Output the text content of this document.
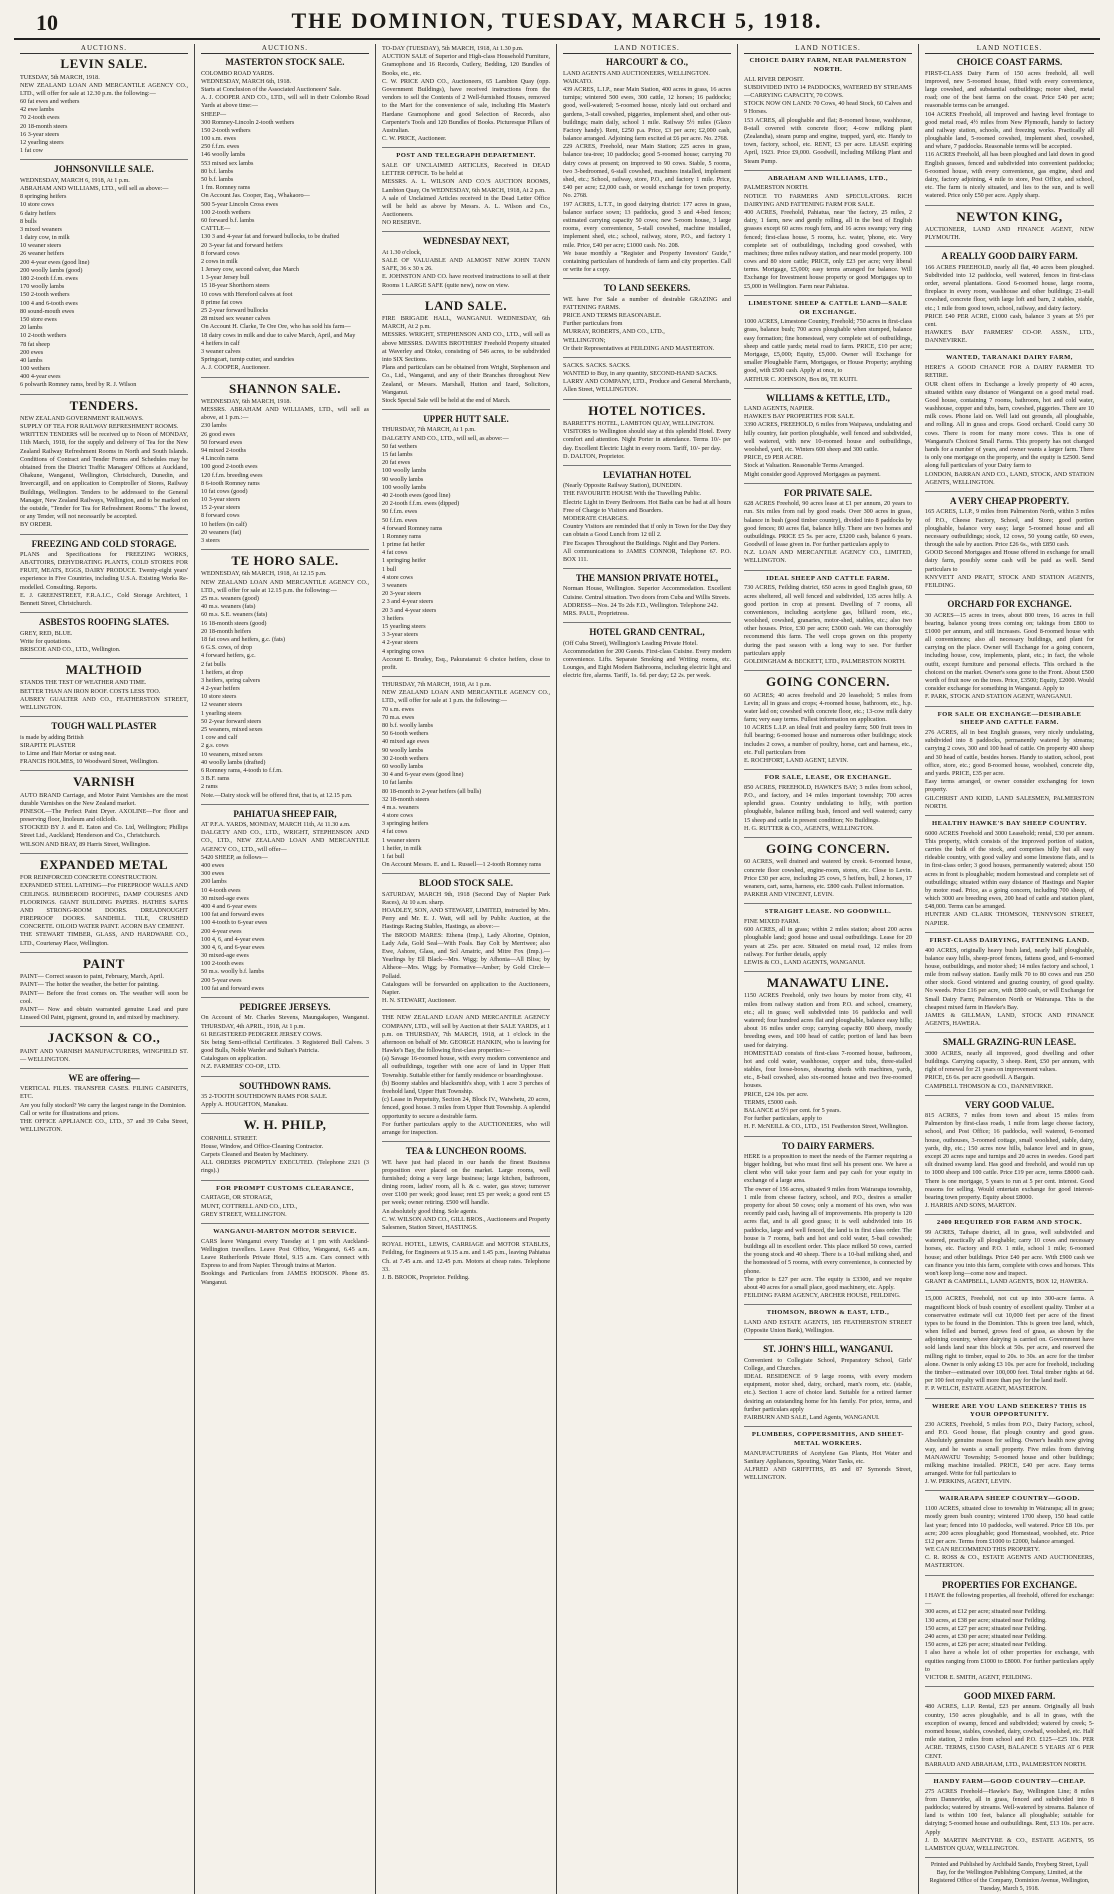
10	THE DOMINION, TUESDAY, MARCH 5, 1918.
AUCTIONS.
LEVIN SALE.
TUESDAY, 5th MARCH, 1918.
NEW ZEALAND LOAN AND MERCANTILE AGENCY CO., LTD., will offer for sale at 12.30 p.m. the following:—
60 fat ewes and wethers
42 ewe lambs
70 2-tooth ewes
20 18-month steers
16 3-year steers
12 yearling steers
1 fat cow
JOHNSONVILLE SALE.
WEDNESDAY, MARCH 6, 1918, At 1 p.m.
ABRAHAM AND WILLIAMS, LTD., will sell as above:—
8 springing heifers
10 store cows
6 dairy heifers
8 bulls
3 mixed weaners
1 dairy cow, in milk
10 weaner steers
26 weaner heifers
200 4-year ewes (good line)
200 woolly lambs (good)
180 2-tooth f.f.m. ewes
170 woolly lambs
150 2-tooth wethers
100 4 and 6-tooth ewes
80 sound-mouth ewes
150 store ewes
20 lambs
10 2-tooth wethers
78 fat sheep
200 ewes
40 lambs
100 wethers
400 4-year ewes
6 polwarth Romney rams, bred by R. J. Wilson
TENDERS.
NEW ZEALAND GOVERNMENT RAILWAYS.
SUPPLY OF TEA FOR RAILWAY REFRESHMENT ROOMS.
WRITTEN TENDERS will be received up to Noon of MONDAY, 11th March, 1918, for the supply and delivery of Tea for the New Zealand Railway Refreshment Rooms in North and South Islands. Conditions of Contract and Tender Forms and Schedules may be obtained from the District Traffic Managers' Offices at Auckland, Ohakune, Wanganui, Wellington, Christchurch, Dunedin, and Invercargill, and on application to Comptroller of Stores, Railway Buildings, Wellington. Tenders to be addressed to the General Manager, New Zealand Railways, Wellington, and to be marked on the outside, "Tender for Tea for Refreshment Rooms." The lowest, or any Tender, will not necessarily be accepted.
BY ORDER.
FREEZING AND COLD STORAGE.
PLANS and Specifications for FREEZING WORKS, ABATTOIRS, DEHYDRATING PLANTS, COLD STORES FOR FRUIT, MEATS, EGGS, DAIRY PRODUCE. Twenty-eight years' experience in Five Countries, including U.S.A. Existing Works Re-modelled. Consulting. Reports.
E. J. GREENSTREET, F.R.A.I.C., Cold Storage Architect, 1 Bennett Street, Christchurch.
ASBESTOS ROOFING SLATES.
GREY, RED, BLUE.
Write for quotations.
BRISCOE AND CO., LTD., Wellington.
MALTHOID
STANDS THE TEST OF WEATHER AND TIME.
BETTER THAN AN IRON ROOF. COSTS LESS TOO.
AUBREY GUALTER AND CO., FEATHERSTON STREET, WELLINGTON.
TOUGH WALL PLASTER
is made by adding British
SIRAPITE PLASTER
to Lime and Hair Mortar or using neat.
FRANCIS HOLMES, 10 Woodward Street, Wellington.
VARNISH
AUTO BRAND Carriage, and Motor Paint Varnishes are the most durable Varnishes on the New Zealand market.
PINESOL—The Perfect Paint Dryer. AXOLINE—For floor and preserving floor, linoleum and oilcloth.
STOCKED BY J. and E. Eaton and Co. Ltd, Wellington; Phillips Street Ltd., Auckland; Henderson and Co., Christchurch.
WILSON AND BRAY, 89 Harris Street, Wellington.
EXPANDED METAL
FOR REINFORCED CONCRETE CONSTRUCTION.
EXPANDED STEEL LATHING—For FIREPROOF WALLS AND CEILINGS. RUBBEROID ROOFING, DAMP COURSES AND FLOORINGS. GIANT BUILDING PAPERS. HATHES SAFES AND STRONG-ROOM DOORS. DREADNOUGHT FIREPROOF DOORS. SANDHILL TILE, CRUSHED CONCRETE. OILOID WATER PAINT. ACORN BAY CEMENT.
THE STEWART TIMBER, GLASS, AND HARDWARE CO., LTD., Courtenay Place, Wellington.
PAINT
PAINT— Correct season to paint, February, March, April.
PAINT— The hotter the weather, the better for painting.
PAINT— Before the frost comes on. The weather will soon be cool.
PAINT— Now and obtain warranted genuine Lead and pure Linseed Oil Paint, pigment, ground in, and mixed by machinery.
JACKSON & CO.,
PAINT AND VARNISH MANUFACTURERS, WINGFIELD ST. — WELLINGTON.
WE are offering—
VERTICAL FILES. TRANSFER CASES. FILING CABINETS, ETC.
Are you fully stocked? We carry the largest range in the Dominion.
Call or write for illustrations and prices.
THE OFFICE APPLIANCE CO., LTD., 37 and 39 Cuba Street, WELLINGTON.
AUCTIONS.
MASTERTON STOCK SALE.
COLOMBO ROAD YARDS.
WEDNESDAY, MARCH 6th, 1918.
Starts at Conclusion of the Associated Auctioneers' Sale.
A. J. COOPER AND CO., LTD., will sell in their Colombo Road Yards at above time:—
SHEEP—
300 Romney-Lincoln 2-tooth wethers
150 2-tooth wethers
100 s.m. ewes
250 f.f.m. ewes
146 woolly lambs
553 mixed sex lambs
80 b.f. lambs
50 b.f. lambs
1 fm. Romney rams
On Account Jas. Cooper, Esq., Whakaoro—
500 5-year Lincoln Cross ewes
100 2-tooth wethers
60 forward b.f. lambs
CATTLE—
130 3 and 4-year fat and forward bullocks, to be drafted
20 3-year fat and forward heifers
8 forward cows
2 cows in milk
1 Jersey cow, second calver, due March
1 3-year Jersey bull
15 18-year Shorthorn steers
10 cows with Hereford calves at foot
8 prime fat cows
25 2-year forward bullocks
28 mixed sex weaner calves
On Account H. Clarke, Te Ore Ore, who has sold his farm—
18 dairy cows in milk and due to calve March, April, and May
4 heifers in calf
3 weaner calves
Springcart, turnip cutter, and sundries
A. J. COOPER, Auctioneer.
SHANNON SALE.
WEDNESDAY, 6th MARCH, 1918.
MESSRS. ABRAHAM AND WILLIAMS, LTD., will sell as above, at 1 p.m.:—
230 lambs
26 good ewes
50 forward ewes
94 mixed 2-tooths
4 Lincoln rams
100 good 2-tooth ewes
120 f.f.m. breeding ewes
8 6-tooth Romney rams
10 fat cows (good)
10 3-year steers
15 2-year steers
8 forward cows
10 heifers (in calf)
20 weaners (fat)
3 steers
TE HORO SALE.
WEDNESDAY, 6th MARCH, 1918, At 12.15 p.m.
NEW ZEALAND LOAN AND MERCANTILE AGENCY CO., LTD., will offer for sale at 12.15 p.m. the following:—
25 m.s. weaners (good)
40 m.s. weaners (fats)
60 m.s. S.E. weaners (fats)
16 18-month steers (good)
20 18-month heifers
18 fat cows and heifers, g.c. (fats)
6 G.S. cows, of drop
4 forward heifers, g.c.
2 fat bulls
1 heifers, at drop
3 heifers, spring calvers
4 2-year heifers
10 store steers
12 weaner steers
1 yearling steers
50 2-year forward steers
25 weaners, mixed sexes
1 cow and calf
2 g.s. cows
10 weaners, mixed sexes
40 woolly lambs (drafted)
6 Romney rams, 4-tooth to f.f.m.
3 B.F. rams
2 rams
Note.—Dairy stock will be offered first, that is, at 12.15 p.m.
PAHIATUA SHEEP FAIR,
AT P.F.A. YARDS, MONDAY, MARCH 11th, At 11.30 a.m.
DALGETY AND CO., LTD., WRIGHT, STEPHENSON AND CO., LTD., NEW ZEALAND LOAN AND MERCANTILE AGENCY CO., LTD., will offer—
5420 SHEEP, as follows—
400 ewes
300 ewes
200 lambs
10 4-tooth ewes
30 mixed-age ewes
400 4 and 6-year ewes
100 fat and forward ewes
100 4-tooth to 6-year ewes
200 4-year ewes
100 4, 6, and 4-year ewes
300 4, 6, and 6-year ewes
30 mixed-age ewes
100 2-tooth ewes
50 m.s. woolly b.f. lambs
200 5-year ewes
100 fat and forward ewes
PEDIGREE JERSEYS.
On Account of Mr. Charles Stevens, Maungakapeo, Wanganui. THURSDAY, 4th APRIL, 1918, At 1 p.m.
61 REGISTERED PEDIGREE JERSEY COWS.
Six being Semi-official Certificates. 3 Registered Bull Calves. 3 good Bulls, Noble Warder and Sultan's Patricia.
Catalogues on application.
N.Z. FARMERS' CO-OP., LTD.
SOUTHDOWN RAMS.
35 2-TOOTH SOUTHDOWN RAMS FOR SALE.
Apply A. HOUGHTON, Manakau.
W. H. PHILP,
CORNHILL STREET.
House, Window, and Office-Cleaning Contractor.
Carpets Cleaned and Beaten by Machinery.
ALL ORDERS PROMPTLY EXECUTED. (Telephone 2321 (3 rings).)
FOR PROMPT CUSTOMS CLEARANCE,
CARTAGE, OR STORAGE,
MUNT, COTTRELL AND CO., LTD.,
GREY STREET, WELLINGTON.
WANGANUI-MARTON MOTOR SERVICE.
CARS leave Wanganui every Tuesday at 1 pm with Auckland-Wellington travellers. Leave Post Office, Wanganui, 6.45 a.m. Leave Rutherfords Private Hotel, 9.15 a.m. Cars connect with Express to and from Napier. Through trains at Marton.
Bookings and Particulars from JAMES HODSON. Phone 85. Wanganui.
TO-DAY (TUESDAY), 5th MARCH, 1918, At 1.30 p.m.
AUCTION SALE of Superior and High-class Household Furniture, Gramophone and 16 Records, Cutlery, Bedding, 120 Bundles of Books, etc., etc.
C. W. PRICE AND CO., Auctioneers, 65 Lambton Quay (opp. Government Buildings), have received instructions from the vendors to sell the Contents of 2 Well-furnished Houses, removed to the Mart for the convenience of sale, including His Master's Hardane Gramophone and good Selection of Records, also Carpenter's Tools and 120 Bundles of Books. Picturesque Pillars of Australian.
C. W. PRICE, Auctioneer.
POST AND TELEGRAPH DEPARTMENT.
SALE OF UNCLAIMED ARTICLES, Received in DEAD LETTER OFFICE. To be held at
MESSRS. A. L. WILSON AND CO.'S AUCTION ROOMS, Lambton Quay, On WEDNESDAY, 6th MARCH, 1918, At 2 p.m.
A sale of Unclaimed Articles received in the Dead Letter Office will be held as above by Messrs. A. L. Wilson and Co., Auctioneers.
NO RESERVE.
WEDNESDAY NEXT,
At 1.30 o'clock,
SALE OF VALUABLE AND ALMOST NEW JOHN TANN SAFE, 36 x 30 x 26.
E. JOHNSTON AND CO. have received instructions to sell at their Rooms 1 LARGE SAFE (quite new), now on view.
LAND SALE.
FIRE BRIGADE HALL, WANGANUI. WEDNESDAY, 6th MARCH, At 2 p.m.
MESSRS. WRIGHT, STEPHENSON AND CO., LTD., will sell as above MESSRS. DAVIES BROTHERS' Freehold Property situated at Waverley and Otoko, consisting of 546 acres, to be subdivided into SIX Sections.
Plans and particulars can be obtained from Wright, Stephenson and Co., Ltd., Wanganui, and any of their Branches throughout New Zealand, or Messrs. Marshall, Hutton and Izard, Solicitors, Wanganui.
Stock Special Sale will be held at the end of March.
UPPER HUTT SALE.
THURSDAY, 7th MARCH, At 1 p.m.
DALGETY AND CO., LTD., will sell, as above:—
50 fat wethers
15 fat lambs
20 fat ewes
100 woolly lambs
90 woolly lambs
100 woolly lambs
40 2-tooth ewes (good line)
20 2-tooth f.f.m. ewes (dipped)
90 f.f.m. ewes
50 f.f.m. ewes
4 forward Romney rams
1 Romney rams
1 prime fat heifer
4 fat cows
1 springing heifer
1 bull
4 store cows
3 weaners
20 3-year steers
2 3 and 4-year steers
20 3 and 4-year steers
3 heifers
15 yearling steers
3 3-year steers
4 2-year steers
4 springing cows
Account E. Brudey, Esq., Pakuratanui: 6 choice heifers, close to profit.
THURSDAY, 7th MARCH, 1918, At 1 p.m.
NEW ZEALAND LOAN AND MERCANTILE AGENCY CO., LTD., will offer for sale at 1 p.m. the following:—
70 s.m. ewes
70 m.a. ewes
80 b.f. woolly lambs
50 6-tooth wethers
40 mixed age ewes
90 woolly lambs
30 2-tooth wethers
60 woolly lambs
30 4 and 6-year ewes (good line)
10 fat lambs
80 18-month to 2-year heifers (all bulls)
32 18-month steers
4 m.s. weaners
4 store cows
3 springing heifers
4 fat cows
1 weaner steers
1 heifer, in milk
1 fat bull
On Account Messrs. E. and L. Russell—1 2-tooth Romney rams
BLOOD STOCK SALE.
SATURDAY, MARCH 9th, 1918 (Second Day of Napier Park Races), At 10 a.m. sharp.
HOADLEY, SON, AND STEWART, LIMITED, instructed by Mrs. Perry and Mr. E. J. Watt, will sell by Public Auction, at the Hastings Racing Stables, Hastings, as above:—
The BROOD MARES: Ethena (Imp.), Lady Altorine, Opinion, Lady Ada, Gold Seal—With Foals. Bay Colt by Merriwee; also Ewe, Ashore, Glass, and Sol Amatric, and Mitre Fox (Imp.).—Yearlings by Ell Black—Mrs. Wigg; by Afhonia—All Bliss; by Altheoe—Mrs. Wigg; by Formative—Amber; by Gold Circle—Pollaid.
Catalogues will be forwarded on application to the Auctioneers, Napier.
H. N. STEWART, Auctioneer.
THE NEW ZEALAND LOAN AND MERCANTILE AGENCY COMPANY, LTD., will sell by Auction at their SALE YARDS, at 1 p.m. on THURSDAY, 7th MARCH, 1918, at 1 o'clock in the afternoon on behalf of Mr. GEORGE HANKIN, who is leaving for Hawke's Bay, the following first-class properties:—
(a) Savage 16-roomed house, with every modern convenience and all outbuildings, together with one acre of land in Upper Hutt Township. Suitable either for family residence or boardinghouse.
(b) Boomy stables and blacksmith's shop, with 1 acre 3 perches of freehold land, Upper Hutt Township.
(c) Lease in Perpetuity, Section 24, Block IV., Waiwhetu, 20 acres, fenced, good house. 3 miles from Upper Hutt Township. A splendid opportunity to secure a desirable farm.
For further particulars apply to the AUCTIONEERS, who will arrange for inspection.
TEA & LUNCHEON ROOMS.
WE have just had placed in our hands the finest Business proposition ever placed on the market. Large rooms, well furnished; doing a very large business; large kitchen, bathroom, dining room, ladies' room, all h. & c. water, gas stove; turnover over £100 per week; good lease; rent £5 per week; a good rent £5 per week; owner retiring. £500 will handle.
An absolutely good thing. Sole agents.
C. W. WILSON AND CO., GILL BROS., Auctioneers and Property Salesmen, Station Street, HASTINGS.
ROYAL HOTEL, LEWIS, CARRIAGE and MOTOR STABLES, Feilding, for Engineers at 9.15 a.m. and 1.45 p.m., leaving Pahiatua Ch. at 7.45 a.m. and 12.45 p.m. Motors at cheap rates. Telephone 33.
J. B. BROOK, Proprietor. Feilding.
LAND NOTICES.
HARCOURT & CO.,
LAND AGENTS AND AUCTIONEERS, WELLINGTON.
WAIKATO.
439 ACRES, L.I.P., near Main Station, 400 acres in grass, 16 acres turnips; wintered 500 ewes, 300 cattle, 12 horses; 16 paddocks; good, well-watered; 5-roomed house, nicely laid out orchard and gardens, 3-stall cowshed, piggeries, implement shed, and other out-buildings; main daily, school 1 mile. Railway 5½ miles (Glaxo Factory handy). Rent, £250 p.a. Price, £3 per acre; £2,000 cash, balance arranged. Adjoining farm excited at £6 per acre. No. 2768.
229 ACRES, Freehold, near Main Station; 225 acres in grass, balance tea-tree; 10 paddocks; good 5-roomed house; carrying 70 dairy cows at present; on improved to 90 cows. Stable, 5 rooms, two 3-bedroomed, 6-stall cowshed, machines installed, implement shed, etc.; School, railway, store, P.O., and factory 1 mile. Price, £40 per acre; £2,000 cash, or would exchange for town property. No. 2768.
197 ACRES, L.T.T., in good dairying district: 177 acres in grass, balance surface sown; 13 paddocks, good 3 and 4-bed fences; estimated carrying capacity 50 cows; new 5-room house, 3 large rooms, every convenience, 5-stall cowshed, machine installed, implement shed, etc.; school, railway, store, P.O., and factory 1 mile. Price, £40 per acre; £1000 cash. No. 208.
We issue monthly a "Register and Property Investors' Guide," containing particulars of hundreds of farm and city properties. Call or write for a copy.
TO LAND SEEKERS.
WE have For Sale a number of desirable GRAZING and FATTENING FARMS.
PRICE AND TERMS REASONABLE.
Further particulars from
MURRAY, ROBERTS, AND CO., LTD.,
WELLINGTON;
Or their Representatives at FEILDING AND MASTERTON.
SACKS. SACKS. SACKS.
WANTED to Buy, in any quantity, SECOND-HAND SACKS.
LARRY AND COMPANY, LTD., Produce and General Merchants, Allen Street, WELLINGTON.
HOTEL NOTICES.
BARRETT'S HOTEL, LAMBTON QUAY, WELLINGTON.
VISITORS to Wellington should stay at this splendid Hotel. Every comfort and attention. Night Porter in attendance. Terms 10/- per day. Excellent Electric Light in every room. Tariff, 10/- per day.
D. DALTON, Proprietor.
LEVIATHAN HOTEL
(Nearly Opposite Railway Station), DUNEDIN.
THE FAVOURITE HOUSE With the Travelling Public.
Electric Light in Every Bedroom. Hot Baths can be had at all hours Free of Charge to Visitors and Boarders.
MODERATE CHARGES.
Country Visitors are reminded that if only in Town for the Day they can obtain a Good Lunch from 12 till 2.
Fire Escapes Throughout the Buildings. Night and Day Porters.
All communications to JAMES CONNOR, Telephone 67. P.O. BOX 111.
THE MANSION PRIVATE HOTEL,
Norman House, Wellington. Superior Accommodation. Excellent Cuisine. Central situation. Two doors from Cuba and Willis Streets.
ADDRESS—Nos. 24 To 2ds F.D., Wellington. Telephone 242.
MRS. PAUL, Proprietress.
HOTEL GRAND CENTRAL,
(Off Cuba Street), Wellington's Leading Private Hotel.
Accommodation for 200 Guests. First-class Cuisine. Every modern convenience. Lifts. Separate Smoking and Writing rooms, etc. Lounges, and Eight Modern Bathrooms, including electric light and electric fire, alarms. Tariff, 1s. 6d. per day; £2 2s. per week.
LAND NOTICES.
CHOICE DAIRY FARM, NEAR PALMERSTON NORTH.
ALL RIVER DEPOSIT.
SUBDIVIDED INTO 14 PADDOCKS, WATERED BY STREAMS—CARRYING CAPACITY, 70 COWS.
STOCK NOW ON LAND: 70 Cows, 40 head Stock, 60 Calves and 9 Horses.
153 ACRES, all ploughable and flat; 8-roomed house, washhouse, 8-stall covered with concrete floor; 4-cow milking plant (Zealandia), steam pump and engine, trapped, yard, etc. Handy to town, factory, school, etc. RENT, £3 per acre. LEASE expiring April, 1923. Price £9,000. Goodwill, including Milking Plant and Steam Pump.
ABRAHAM AND WILLIAMS, LTD.,
PALMERSTON NORTH.
NOTICE TO FARMERS AND SPECULATORS. RICH DAIRYING AND FATTENING FARM FOR SALE.
400 ACRES, Freehold, Pahiatua, near 'the factory, 25 miles, 2 dairy, 1 farm, new and gently rolling, all in the best of English grasses except 60 acres rough fern, and 16 acres swamp; very ring fenced; first-class house, 5 rooms, h.c. water, 'phone, etc. Very complete set of outbuildings, including good cowshed, with machines; three miles railway station, and near model property. 100 cows and 80 store cattle; PRICE, only £23 per acre; very liberal terms. Mortgage, £5,000; easy terms arranged for balance. Will Exchange for Investment house property or good Mortgages up to £5,000 in Wellington. Farm near Pahiatua.
LIMESTONE SHEEP & CATTLE LAND—SALE OR EXCHANGE.
1000 ACRES, Limestone Country, Freehold; 750 acres in first-class grass, balance bush; 700 acres ploughable when stumped, balance easy formation; fine homestead, very complete set of outbuildings, sheep and cattle yards; metal road to farm. PRICE, £10 per acre; Mortgage, £5,000; Equity, £5,000. Owner will Exchange for smaller Ploughable Farm, Mortgages, or House Property; anything good, with £500 cash. Apply at once, to
ARTHUR C. JOHNSON, Box 86, TE KUITI.
WILLIAMS & KETTLE, LTD.,
LAND AGENTS, NAPIER.
HAWKE'S BAY PROPERTIES FOR SALE.
3390 ACRES, FREEHOLD, 6 miles from Waipawa, undulating and hilly country, fair portion ploughable, well fenced and subdivided, well watered, with new 10-roomed house and outbuildings, woolshed, yard, etc. Winters 600 sheep and 300 cattle.
PRICE, £9 PER ACRE.
Stock at Valuation. Reasonable Terms Arranged.
Might consider good Approved Mortgages as payment.
FOR PRIVATE SALE.
628 ACRES Freehold, 90 acres lease at £1 per annum, 20 years to run. Six miles from rail by good roads. Over 300 acres in grass, balance in bush (good timber country), divided into 8 paddocks by good fences; 80 acres flat, balance hilly. There are two homes and outbuildings. PRICE £5 5s. per acre, £3200 cash, balance 6 years. Goodwill of lease given in. For further particulars apply to
N.Z. LOAN AND MERCANTILE AGENCY CO., LIMITED, WELLINGTON.
IDEAL SHEEP AND CATTLE FARM.
730 ACRES, Feilding district, 650 acres in good English grass, 60 acres sheltered, all well fenced and subdivided, 135 acres hilly. A good portion in crop at present. Dwelling of 7 rooms, all conveniences, including acetylene gas, billiard room, etc., woolshed, cowshed, granaries, motor-shed, stables, etc.; also two other houses. Price, £30 per acre; £3000 cash. We can thoroughly recommend this farm. The well crops grown on this property during the past season with a long way to see. For further particulars apply
GOLDINGHAM & BECKETT, LTD., PALMERSTON NORTH.
GOING CONCERN.
60 ACRES; 40 acres freehold and 20 leasehold; 5 miles from Levin; all in grass and crops; 4-roomed house, bathroom, etc., h.p. water laid on; cowshed with concrete floor, etc.; 13-cow milk dairy farm; very easy terms. Fullest information on application.
10 ACRES L.I.P. an ideal fruit and poultry farm; 500 fruit trees in full bearing; 6-roomed house and numerous other buildings; stock includes 2 cows, a number of poultry, horse, cart and harness, etc., etc. Full particulars from
E. ROCHFORT, LAND AGENT, LEVIN.
FOR SALE, LEASE, OR EXCHANGE.
850 ACRES, FREEHOLD, HAWKE'S BAY; 3 miles from school, P.O., and factory, and 14 miles important township; 700 acres splendid grass. Country undulating to hilly, with portion ploughable, balance milling bush, fenced and well watered; carry 15 sheep and cattle in present condition; No Buildings.
H. G. RUTTER & CO., AGENTS, WELLINGTON.
GOING CONCERN.
60 ACRES, well drained and watered by creek. 6-roomed house, concrete floor cowshed, engine-room, stores, etc. Close to Levin. Price £30 per acre, including 25 cows, 5 heifers, bull, 2 horses, 17 weaners, cart, sams, harness, etc. £800 cash. Fullest information.
PARKER AND VINCENT, LEVIN.
STRAIGHT LEASE. NO GOODWILL.
FINE MIXED FARM.
600 ACRES, all in grass; within 2 miles station; about 200 acres ploughable land; good house and usual outbuildings. Lease for 20 years at 25s. per acre. Situated on metal road, 12 miles from railway. For further details, apply
LEWIS & CO., LAND AGENTS, WANGANUI.
MANAWATU LINE.
1150 ACRES Freehold, only two hours by motor from city, 41 miles from railway station and from P.O. and school, creamery, etc.; all in grass; well subdivided into 16 paddocks and well watered; four hundred acres flat and ploughable, balance easy hills; about 16 miles under crop; carrying capacity 800 sheep, mostly breeding ewes, and 100 head of cattle; portion of land has been used for dairying.
HOMESTEAD consists of first-class 7-roomed house, bathroom, hot and cold water, washhouse, copper and tubs, three-stalled stables, four loose-boxes, shearing sheds with machines, yards, etc., 8-bail cowshed, also six-roomed house and two five-roomed houses.
PRICE, £24 10s. per acre.
TERMS, £5000 cash.
BALANCE at 5½ per cent. for 5 years.
For further particulars, apply to
H. F. McNEILL & CO., LTD., 151 Featherston Street, Wellington.
TO DAIRY FARMERS.
HERE is a proposition to meet the needs of the Farmer requiring a bigger holding, but who must first sell his present one. We have a client who will take your farm and pay cash for your equity in exchange of a large area.
The owner of 156 acres, situated 9 miles from Wairarapa township, 1 mile from cheese factory, school, and P.O., desires a smaller property for about 50 cows; only a moment of his own, who was recently paid cash, having all of improvements. His property is 120 acres flat, and is all good grass; it is well subdivided into 16 paddocks, large and well fenced, the land is in first class order. The house is 7 rooms, bath and hot and cold water, 5-bail cowshed; buildings all in excellent order. This place milked 50 cows, carried the young stock and 40 sheep. There is a 10-bail milking shed, and the homestead of 5 rooms, with every convenience, is connected by phone.
The price is £27 per acre. The equity is £3300, and we require about 40 acres for a small place, good machinery, etc. Apply.
FEILDING FARM AGENCY, ARCHER HOUSE, FEILDING.
THOMSON, BROWN & EAST, LTD.,
LAND AND ESTATE AGENTS, 185 FEATHERSTON STREET (Opposite Union Bank), Wellington.
ST. JOHN'S HILL, WANGANUI.
Convenient to Collegiate School, Preparatory School, Girls' College, and Churches.
IDEAL RESIDENCE of 9 large rooms, with every modern equipment, motor shed, dairy, orchard, man's room, etc. (stable, etc.). Section 1 acre of choice land. Suitable for a retired farmer desiring an outstanding home for his family. For price, terms, and further particulars apply
FAIRBURN AND SALE, Land Agents, WANGANUI.
PLUMBERS, COPPERSMITHS, AND SHEET-METAL WORKERS.
MANUFACTURERS of Acetylene Gas Plants, Hot Water and Sanitary Appliances, Spouting, Water Tanks, etc.
ALFRED AND GRIFFITHS, 85 and 87 Symonds Street, WELLINGTON.
LAND NOTICES.
CHOICE COAST FARMS.
FIRST-CLASS Dairy Farm of 150 acres freehold, all well improved, new 5-roomed house, fitted with every convenience, large cowshed, and substantial outbuildings; motor shed, metal road; one of the best farms on the coast. Price £40 per acre; reasonable terms can be arranged.
104 ACRES Freehold, all improved and having level frontage to good metal road, 4½ miles from New Plymouth, handy to factory and railway station, schools, and freezing works. Practically all ploughable land, 5-roomed cowshed, implement shed, cowshed, and whare, 7 paddocks. Reasonable terms will be accepted.
116 ACRES Freehold, all has been ploughed and laid down in good English grasses, fenced and subdivided into convenient paddocks; 6-roomed house, with every convenience, gas engine, shed and dairy, factory adjoining, 4 mile to store, Post Office, and school, etc. The farm is nicely situated, and lies to the sun, and is well watered. Price only £50 per acre. Apply sharp.
NEWTON KING,
AUCTIONEER, LAND AND FINANCE AGENT, NEW PLYMOUTH.
A REALLY GOOD DAIRY FARM.
166 ACRES FREEHOLD, nearly all flat, 40 acres been ploughed. Subdivided into 12 paddocks, well watered, fences in first-class order, several plantations. Good 6-roomed house, large rooms, fireplace in every room, washhouse and other buildings; 21-stall cowshed, concrete floor, with large loft and barn, 2 stables, stable, etc.; 1 mile from good town, school, railway, and dairy factory.
PRICE £40 PER ACRE, £1000 cash, balance 3 years at 5½ per cent.
HAWKE'S BAY FARMERS' CO-OP. ASSN., LTD., DANNEVIRKE.
WANTED, TARANAKI DAIRY FARM,
HERE'S A GOOD CHANCE FOR A DAIRY FARMER TO RETIRE.
OUR client offers in Exchange a lovely property of 40 acres, situated within easy distance of Wanganui on a good metal road. Good house, containing 7 rooms, bathroom, hot and cold water, washhouse, copper and tubs, barn, cowshed, piggeries. There are 10 milk cows. Phone laid on. Well laid out grounds, all ploughable, and rolling. All in grass and crops. Good orchard. Could carry 30 cows. There is room for many more cows. This is one of Wanganui's Choicest Small Farms. This property has not changed hands for a number of years, and owner wants a larger farm. There is only one mortgage on the property, and the equity is £2500. Send along full particulars of your Dairy farm to
LONDON, BARRAN AND CO., LAND, STOCK, AND STATION AGENTS, WELLINGTON.
A VERY CHEAP PROPERTY.
165 ACRES, L.I.P., 9 miles from Palmerston North, within 3 miles of P.O., Cheese Factory, School, and Store; good portion ploughable, balance very easy; large 5-roomed house and all necessary outbuildings; stock, 12 cows, 50 young cattle, 60 ewes, through the sale by auction. Price £26 6s., with £850 cash.
GOOD Second Mortgages and House offered in exchange for small dairy farm, possibly some cash will be paid as well. Send particulars to
KNYVETT AND PRATT, STOCK AND STATION AGENTS, FEILDING.
ORCHARD FOR EXCHANGE.
30 ACRES—15 acres in trees, about 800 trees, 16 acres in full bearing, balance young trees coming on; takings from £800 to £1000 per annum, and still increases. Good 8-roomed house with all conveniences; also all necessary buildings, and plant for carrying on the place. Owner will Exchange for a going concern, including house, cow, implements, plant, etc.; in fact, the whole outfit, except furniture and personal effects. This orchard is the choicest on the market. Owner's sons gone to the Front. About £500 worth of fruit now on the trees. Price, £3500; Equity, £2000. Would consider exchange for something in Wanganui. Apply to
F. PARK, STOCK AND STATION AGENT, WANGANUI.
FOR SALE OR EXCHANGE—DESIRABLE SHEEP AND CATTLE FARM.
276 ACRES, all in best English grasses, very nicely undulating, subdivided into 8 paddocks, permanently watered by streams; carrying 2 cows, 300 and 100 head of cattle. On property 400 sheep and 30 head of cattle, besides horses. Handy to station, school, post office, store, etc.; good 8-roomed house, woolshed, concrete dip, and yards. PRICE, £35 per acre.
Easy terms arranged, or owner consider exchanging for town property.
GILCHRIST AND KIDD, LAND SALESMEN, PALMERSTON NORTH.
HEALTHY HAWKE'S BAY SHEEP COUNTRY.
6000 ACRES Freehold and 3000 Leasehold; rental, £30 per annum. This property, which consists of the improved portion of station, carries the bulk of the stock, and comprises hilly but all easy rideable country, with good valley and some limestone flats, and is in first-class order; 3 good houses, permanently watered; about 150 acres in front is ploughable; modern homestead and complete set of outbuildings; situated within easy distance of Hastings and Napier by motor road. Price, as a going concern, including 700 sheep, of which 3000 are breeding ewes, 200 head of cattle and station plant, £48,000. Terms can be arranged.
HUNTER AND CLARK THOMSON, TENNYSON STREET, NAPIER.
FIRST-CLASS DAIRYING, FATTENING LAND.
400 ACRES, originally heavy bush land, nearly half ploughable, balance easy hills, sheep-proof fences, fattens good, and 6-roomed house, outbuildings, and motor shed; 14 miles factory and school, 1 mile from railway station. Easily milk 70 to 80 cows and run 250 other stock. Good wintered and grazing country, of good quality. No weeds. Price £16 per acre, with £800 cash, or will Exchange for Small Dairy Farm; Palmerston North or Wairarapa. This is the cheapest mixed farm in Hawke's Bay.
JAMES & GILLMAN, LAND, STOCK AND FINANCE AGENTS, HAWERA.
SMALL GRAZING-RUN LEASE.
3000 ACRES, nearly all improved, good dwelling and other buildings. Carrying capacity, 3 sheep. Rent, £50 per annum, with right of renewal for 21 years on improvement values.
PRICE, £6 6s. per acre goodwill. A Bargain.
CAMPBELL THOMSON & CO., DANNEVIRKE.
VERY GOOD VALUE.
815 ACRES, 7 miles from town and about 15 miles from Palmerston by first-class roads, 1 mile from large cheese factory, school, and Post Office; 16 paddocks, well watered, 6-roomed house, outhouses, 3-roomed cottage, small woolshed, stable, dairy, yards, dip, etc.; 150 acres now hills, balance level and in grass, except 20 acres rape and turnips and 20 acres in swedes. Good part silt drained swamp land. Has good and freehold, and would run up to 1000 sheep and 100 cattle. Price £19 per acre, terms £8000 cash. There is one mortgage, 5 years to run at 5 per cent. interest. Good reasons for selling. Would entertain exchange for good interest-bearing town property. Equity about £8000.
J. HARRIS AND SONS, MARTON.
2400 REQUIRED FOR FARM AND STOCK.
99 ACRES, Taihape district, all in grass, well subdivided and watered, practically all ploughable; carry 10 cows and necessary horses, etc. Factory and P.O. 1 mile, school 1 mile; 6-roomed house; and other buildings. Price £40 per acre. With £900 cash we can finance you into this farm, complete with cows and horses. This won't keep long—come now and inspect.
GRANT & CAMPBELL, LAND AGENTS, BOX 12, HAWERA.
15,000 ACRES, Freehold, not cut up into 300-acre farms. A magnificent block of bush country of excellent quality. Timber at a conservative estimate will cut 10,000 feet per acre of the finest types to be found in the Dominion. This is green tree land, which, when felled and burned, grows feed of grass, as shown by the adjoining country, where dairying is carried on. Government have sold lands land near this block at 50s. per acre, and reserved the milling right to timber, equal to 20s. to 30s. an acre for the timber alone. Owner is only asking £3 10s. per acre for freehold, including the timber—estimated over 100,000 feet. Total timber rights at 6d. per 100 feet royalty will more than pay for the land itself.
F. P. WELCH, ESTATE AGENT, MASTERTON.
WHERE ARE YOU LAND SEEKERS? THIS IS YOUR OPPORTUNITY.
230 ACRES, Freehold, 5 miles from P.O., Dairy Factory, school, and P.O. Good house, flat plough country and good grass. Absolutely genuine reason for selling. Owner's health now giving way, and he wants a small property. Five miles from thriving MANAWATU Township; 5-roomed house and other buildings; milking machine installed. PRICE, £40 per acre. Easy terms arranged. Write for full particulars to
J. W. PERKINS, AGENT, LEVIN.
WAIRARAPA SHEEP COUNTRY—GOOD.
1100 ACRES, situated close to township in Wairarapa; all in grass; mostly green bush country; wintered 1700 sheep, 150 head cattle last year; fenced into 10 paddocks, well watered. Price £8 10s. per acre; 200 acres ploughable; good Homestead, woolshed, etc. Price £12 per acre. Terms from £1000 to £2000, balance arranged.
WE CAN RECOMMEND THIS PROPERTY.
C. R. ROSS & CO., ESTATE AGENTS AND AUCTIONEERS, MASTERTON.
PROPERTIES FOR EXCHANGE.
I HAVE the following properties, all freehold, offered for exchange:—
300 acres, at £12 per acre; situated near Feilding.
130 acres, at £38 per acre; situated near Feilding.
150 acres, at £27 per acre; situated near Feilding.
240 acres, at £30 per acre; situated near Feilding.
150 acres, at £26 per acre; situated near Feilding.
I also have a whole lot of other properties for exchange, with equities ranging from £1000 to £8000. For further particulars apply to
VICTOR E. SMITH, AGENT, FEILDING.
GOOD MIXED FARM.
480 ACRES, L.I.P. Rental, £23 per annum. Originally all bush country, 150 acres ploughable, and is all in grass, with the exception of swamp, fenced and subdivided; watered by creek; 5-roomed house, stables, cowshed, dairy, cowbail, woolshed, etc. Half mile station, 2 miles from school and P.O. £125—£25 10s. PER ACRE. TERMS, £1500 CASH, BALANCE 5 YEARS AT 6 PER CENT.
BARRAUD AND ABRAHAM, LTD., PALMERSTON NORTH.
HANDY FARM—GOOD COUNTRY—CHEAP.
275 ACRES Freehold—Hawke's Bay, Wellington Line; 8 miles from Dannevirke, all in grass, fenced and subdivided into 8 paddocks; watered by streams. Well-watered by streams. Balance of land is within 100 feet, balance all ploughable; suitable for dairying; 5-roomed house and outbuildings. Rent, £13 10s. per acre. Apply
J. D. MARTIN McINTYRE & CO., ESTATE AGENTS, 95 LAMBTON QUAY, WELLINGTON.
Printed and Published by Archibald Sando, Freyberg Street, Lyall Bay, for the Wellington Publishing Company, Limited, at the Registered Office of the Company, Dominion Avenue, Wellington, Tuesday, March 5, 1918.
